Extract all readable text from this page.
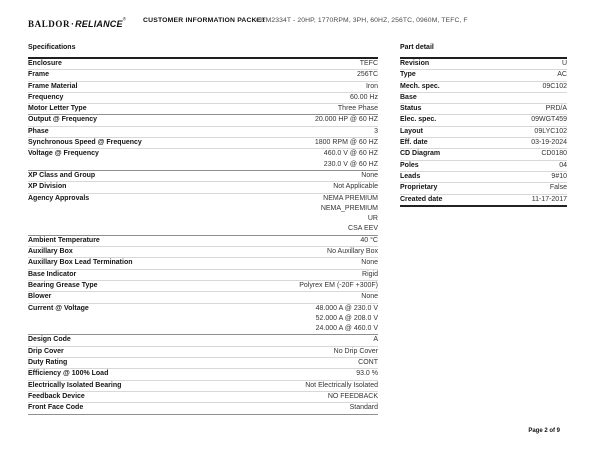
BALDOR·RELIANCE® CUSTOMER INFORMATION PACKET
CEM2334T - 20HP, 1770RPM, 3PH, 60HZ, 256TC, 0960M, TEFC, F
Specifications
Enclosure	TEFC
Frame	256TC
Frame Material	Iron
Frequency	60.00 Hz
Motor Letter Type	Three Phase
Output @ Frequency	20.000 HP @ 60 HZ
Phase	3
Synchronous Speed @ Frequency	1800 RPM @ 60 HZ
Voltage @ Frequency	460.0 V @ 60 HZ
230.0 V @ 60 HZ
XP Class and Group	None
XP Division	Not Applicable
Agency Approvals	NEMA PREMIUM
NEMA_PREMIUM
UR
CSA EEV
Ambient Temperature	40 °C
Auxillary Box	No Auxillary Box
Auxillary Box Lead Termination	None
Base Indicator	Rigid
Bearing Grease Type	Polyrex EM (-20F +300F)
Blower	None
Current @ Voltage	48.000 A @ 230.0 V
52.000 A @ 208.0 V
24.000 A @ 460.0 V
Design Code	A
Drip Cover	No Drip Cover
Duty Rating	CONT
Efficiency @ 100% Load	93.0 %
Electrically Isolated Bearing	Not Electrically Isolated
Feedback Device	NO FEEDBACK
Front Face Code	Standard
Part detail
Revision	U
Type	AC
Mech. spec.	09C102
Base
Status	PRD/A
Elec. spec.	09WGT459
Layout	09LYC102
Eff. date	03-19-2024
CD Diagram	CD0180
Poles	04
Leads	9#10
Proprietary	False
Created date	11-17-2017
Page 2 of 9
